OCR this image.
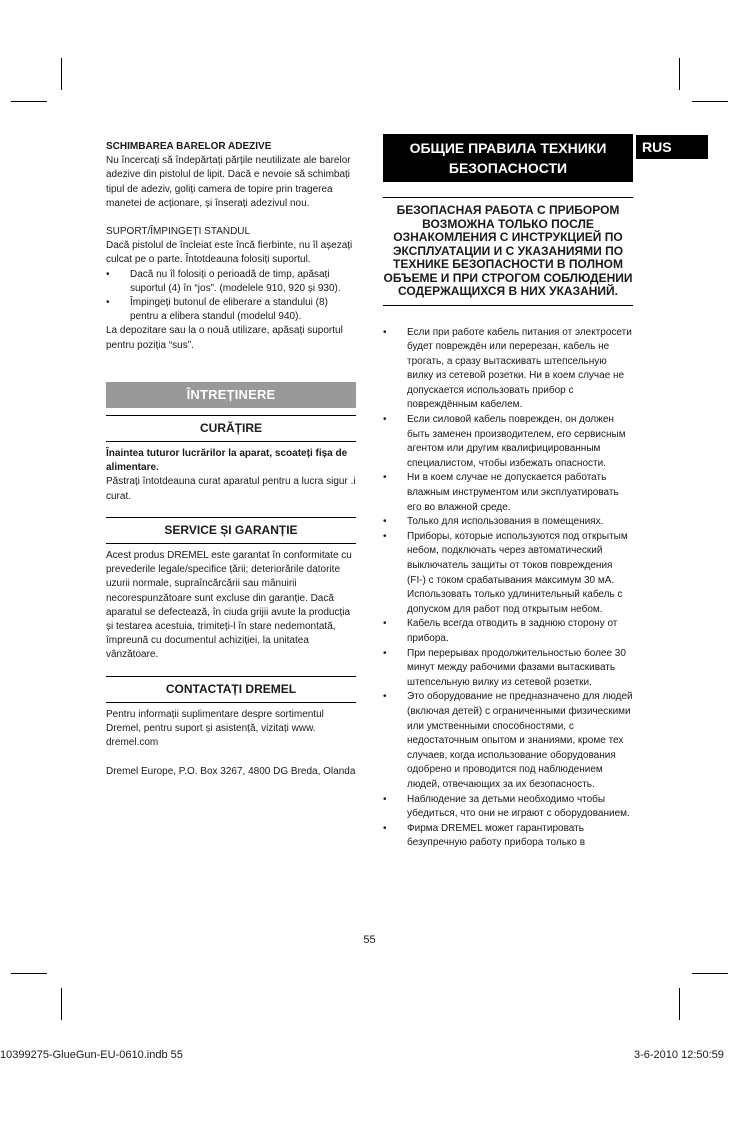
SCHIMBAREA BARELOR ADEZIVE

Nu încercați să îndepărtați părțile neutilizate ale barelor adezive din pistolul de lipit. Dacă e nevoie să schimbați tipul de adeziv, goliți camera de topire prin tragerea manetei de acționare, și înserați adezivul nou.

SUPORT/ÎMPINGEȚI STANDUL

Dacă pistolul de încleiat este încă fierbinte, nu îl așezați culcat pe o parte. Întotdeauna folosiți suportul.

• Dacă nu îl folosiți o perioadă de timp, apăsați suportul (4) în “jos”. (modelele 910, 920 și 930).
• Împingeți butonul de eliberare a standului (8) pentru a elibera standul (modelul 940).

La depozitare sau la o nouă utilizare, apăsați suportul pentru poziția “sus”.

ÎNTREȚINERE
CURĂȚIRE

Înaintea tuturor lucrărilor la aparat, scoateți fișa de alimentare.

Păstrați întotdeauna curat aparatul pentru a lucra sigur .i curat.

SERVICE ȘI GARANȚIE

Acest produs DREMEL este garantat în conformitate cu prevederile legale/specifice țării; deteriorările datorite uzurii normale, supraîncărcării sau mânuirii necorespunzătoare sunt excluse din garanție. Dacă aparatul se defectează, în ciuda grijii avute la producția și testarea acestuia, trimiteți-l în stare nedemontată, împreună cu documentul achiziției, la unitatea vânzătoare.

CONTACTAȚI DREMEL

Pentru informații suplimentare despre sortimentul Dremel, pentru suport și asistență, vizitați www. dremel.com

Dremel Europe, P.O. Box 3267, 4800 DG Breda, Olanda

ОБЩИЕ ПРАВИЛА ТЕХНИКИ БЕЗОПАСНОСТИ
БЕЗОПАСНАЯ РАБОТА С ПРИБОРОМ ВОЗМОЖНА ТОЛЬКО ПОСЛЕ ОЗНАКОМЛЕНИЯ С ИНСТРУКЦИЕЙ ПО ЭКСПЛУАТАЦИИ И С УКАЗАНИЯМИ ПО ТЕХНИКЕ БЕЗОПАСНОСТИ В ПОЛНОМ ОБЪЕМЕ И ПРИ СТРОГОМ СОБЛЮДЕНИИ СОДЕРЖАЩИХСЯ В НИХ УКАЗАНИЙ.
• Если при работе кабель питания от электросети будет повреждён или перерезан, кабель не трогать, а сразу вытаскивать штепсельную вилку из сетевой розетки. Ни в коем случае не допускается использовать прибор с повреждённым кабелем.
• Если силовой кабель поврежден, он должен быть заменен производителем, его сервисным агентом или другим квалифицированным специалистом, чтобы избежать опасности.
• Ни в коем случае не допускается работать влажным инструментом или эксплуатировать его во влажной среде.
• Только для использования в помещениях.
• Приборы, которые используются под открытым небом, подключать через автоматический выключатель защиты от токов повреждения (FI-) с током срабатывания максимум 30 мА. Использовать только удлинительный кабель с допуском для работ под открытым небом.
• Кабель всегда отводить в заднюю сторону от прибора.
• При перерывах продолжительностью более 30 минут между рабочими фазами вытаскивать штепсельную вилку из сетевой розетки.
• Это оборудование не предназначено для людей (включая детей) с ограниченными физическими или умственными способностями, с недостаточным опытом и знаниями, кроме тех случаев, когда использование оборудования одобрено и проводится под наблюдением людей, отвечающих за их безопасность.
• Наблюдение за детьми необходимо чтобы убедиться, что они не играют с оборудованием.
• Фирма DREMEL может гарантировать безупречную работу прибора только в
RUS
55
10399275-GlueGun-EU-0610.indb 55	3-6-2010 12:50:59
